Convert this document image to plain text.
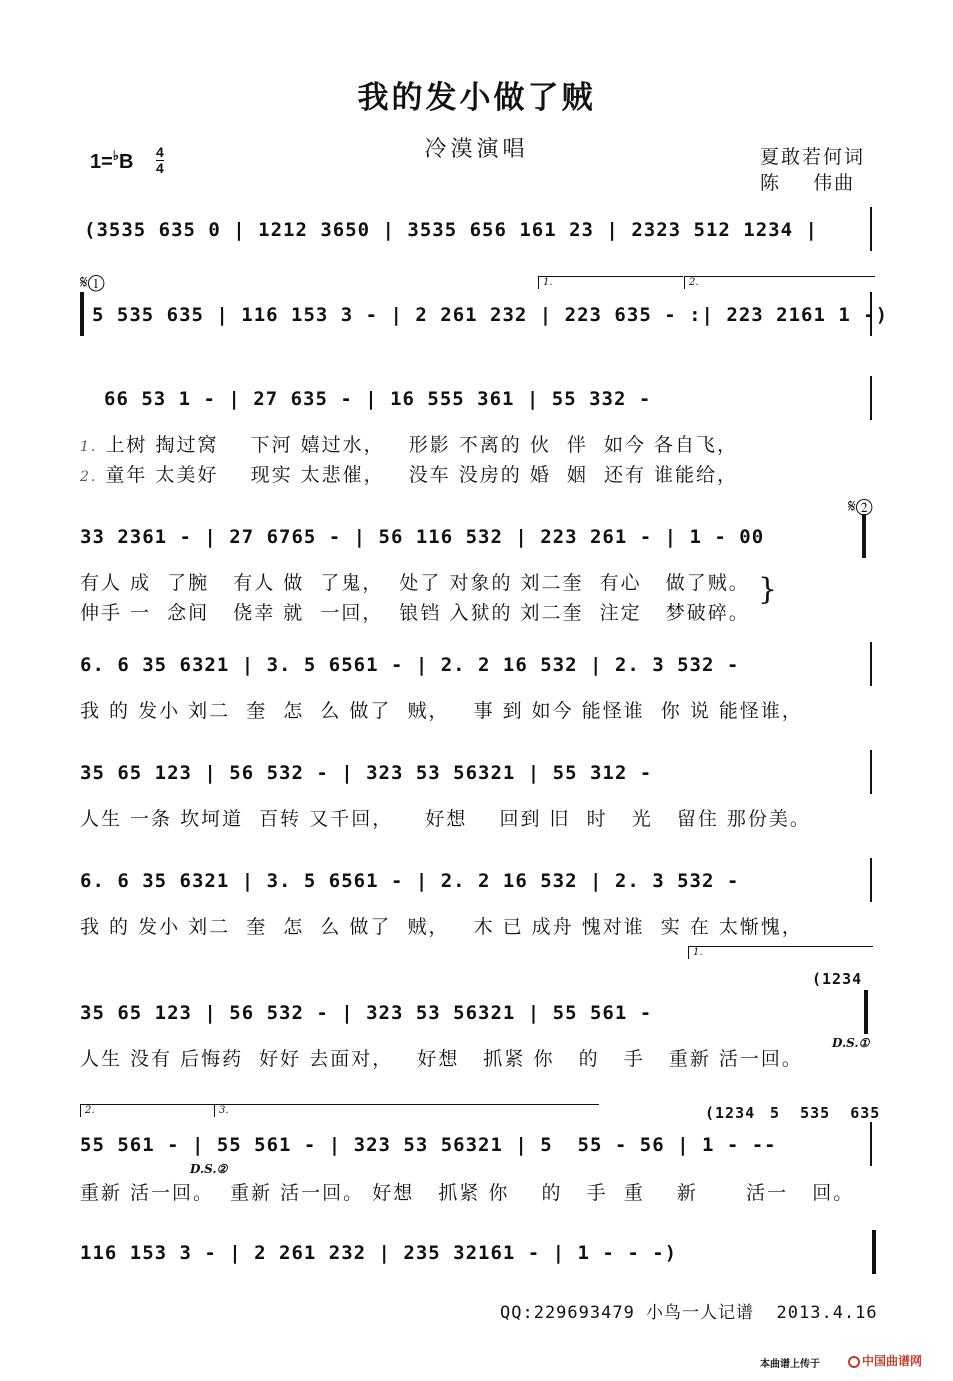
我的发小做了贼
冷漠演唱
1=♭B 4
4	夏敢若何词
陈    伟曲
(3535 635 0 | 1212 3650 | 3535 656 161 23 | 2323 512 1234 |
𝄋①	1.	2.
5 535 635 | 116 153 3 - | 2 261 232 | 223 635 - :| 223 2161 1 -)
66 53 1 - | 27 635 - | 16 555 361 | 55 332 -
1. 上树 掏过窝    下河 嬉过水，   形影 不离的 伙  伴  如今 各自飞，
2. 童年 太美好    现实 太悲催，   没车 没房的 婚  姻  还有 谁能给，
𝄋②
33 2361 - | 27 6765 - | 56 116 532 | 223 261 - | 1 - 00
有人 成  了腕   有人 做  了鬼，  处了 对象的 刘二奎  有心   做了贼。
伸手 一  念间   侥幸 就  一回，  锒铛 入狱的 刘二奎  注定   梦破碎。
}
6. 6 35 6321 | 3. 5 6561 - | 2. 2 16 532 | 2. 3 532 -
我 的 发小 刘二  奎  怎  么 做了  贼，   事 到 如今 能怪谁  你 说 能怪谁，
35 65 123 | 56 532 - | 323 53 56321 | 55 312 -
人生 一条 坎坷道  百转 又千回，    好想    回到 旧  时   光   留住 那份美。
6. 6 35 6321 | 3. 5 6561 - | 2. 2 16 532 | 2. 3 532 -
我 的 发小 刘二  奎  怎  么 做了  贼，   木 已 成舟 愧对谁  实 在 太惭愧，
1.
(1234
35 65 123 | 56 532 - | 323 53 56321 | 55 561 -
人生 没有 后悔药  好好 去面对，   好想   抓紧 你   的   手   重新 活一回。
D.S.①
2.	3.	(1234 5  535  635
55 561 - | 55 561 - | 323 53 56321 | 5  55 - 56 | 1 - --
D.S.②
重新 活一回。  重新 活一回。 好想   抓紧 你    的   手  重    新      活一   回。
116 153 3 - | 2 261 232 | 235 32161 - | 1 - - -)
QQ:229693479 小鸟一人记谱  2013.4.16
本曲谱上传于	中国曲谱网
